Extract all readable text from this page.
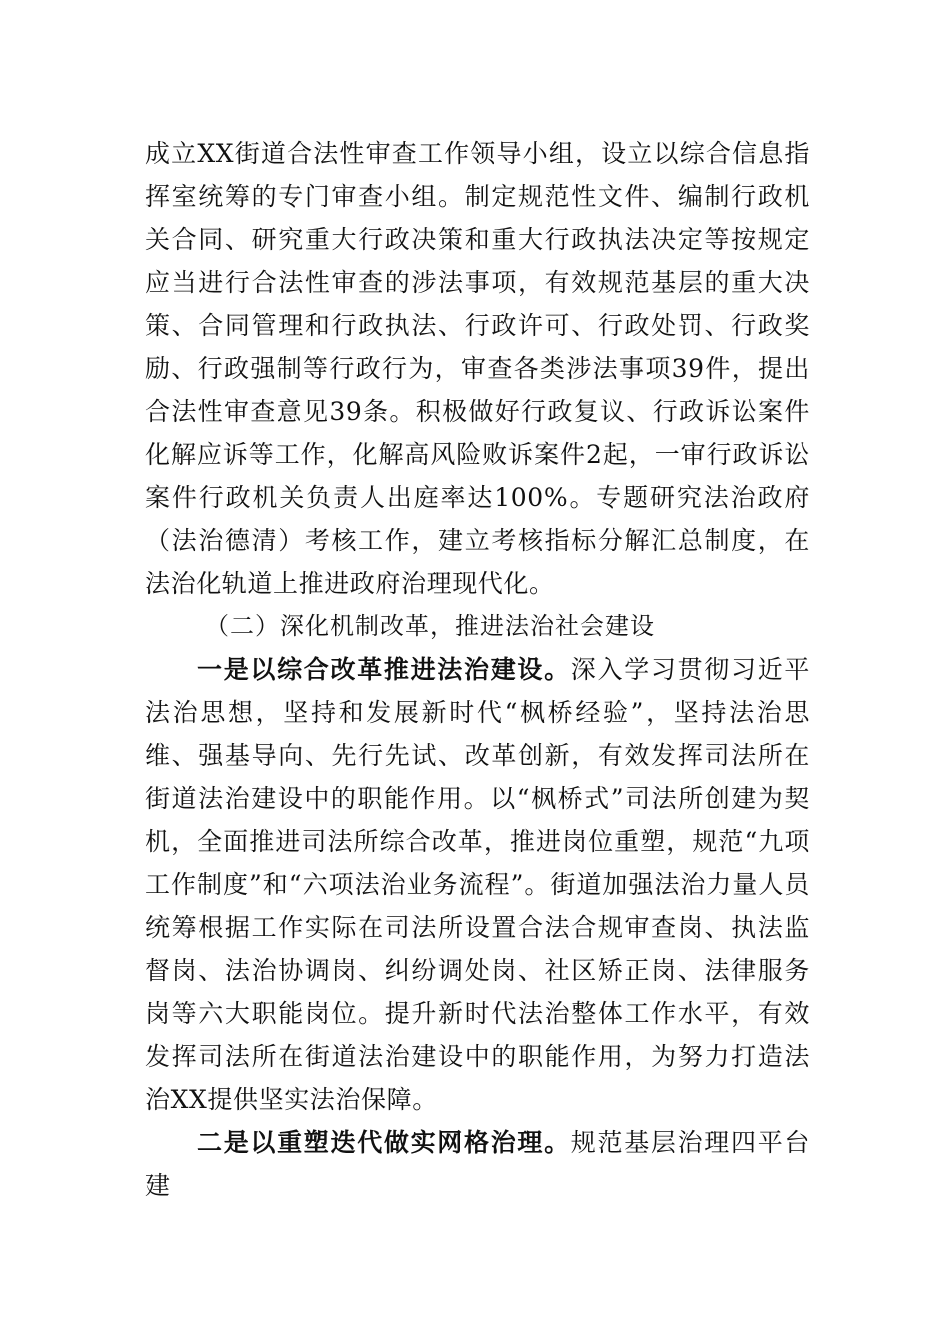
成立XX街道合法性审查工作领导小组，设立以综合信息指挥室统筹的专门审查小组。制定规范性文件、编制行政机关合同、研究重大行政决策和重大行政执法决定等按规定应当进行合法性审查的涉法事项，有效规范基层的重大决策、合同管理和行政执法、行政许可、行政处罚、行政奖励、行政强制等行政行为，审查各类涉法事项39件，提出合法性审查意见39条。积极做好行政复议、行政诉讼案件化解应诉等工作，化解高风险败诉案件2起，一审行政诉讼案件行政机关负责人出庭率达100%。专题研究法治政府（法治德清）考核工作，建立考核指标分解汇总制度，在法治化轨道上推进政府治理现代化。

（二）深化机制改革，推进法治社会建设

一是以综合改革推进法治建设。深入学习贯彻习近平法治思想，坚持和发展新时代“枫桥经验”，坚持法治思维、强基导向、先行先试、改革创新，有效发挥司法所在街道法治建设中的职能作用。以“枫桥式”司法所创建为契机，全面推进司法所综合改革，推进岗位重塑，规范“九项工作制度”和“六项法治业务流程”。街道加强法治力量人员统筹根据工作实际在司法所设置合法合规审查岗、执法监督岗、法治协调岗、纠纷调处岗、社区矫正岗、法律服务岗等六大职能岗位。提升新时代法治整体工作水平，有效发挥司法所在街道法治建设中的职能作用，为努力打造法治XX提供坚实法治保障。

二是以重塑迭代做实网格治理。规范基层治理四平台建
